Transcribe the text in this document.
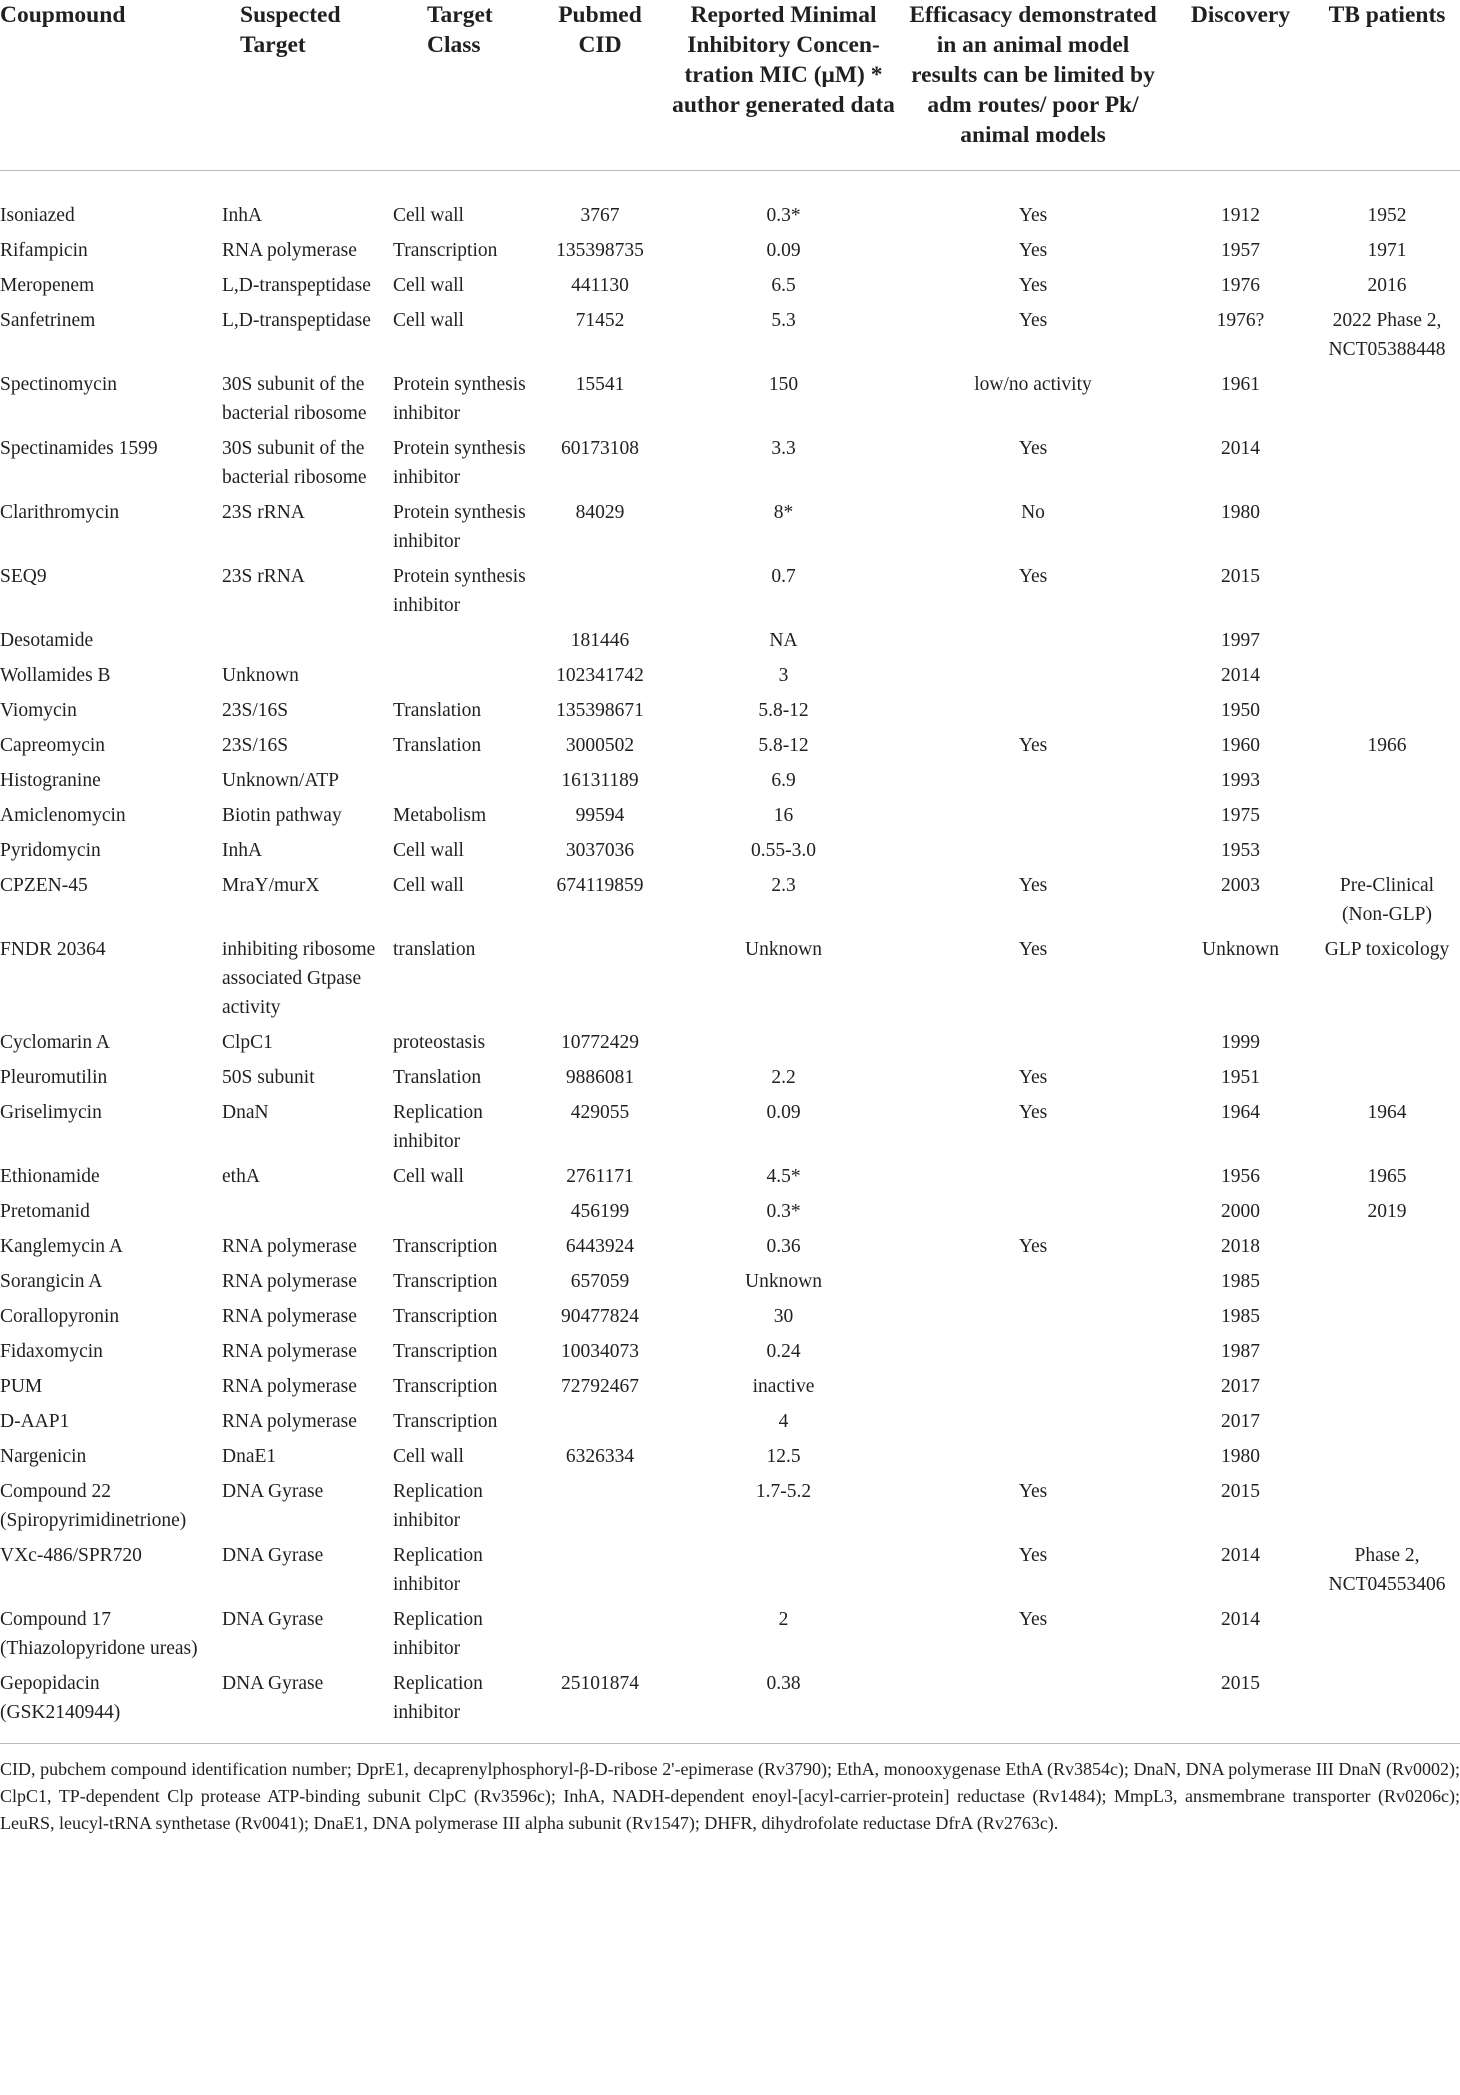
Coupmound	Suspected Target	Target Class	Pubmed CID	Reported Minimal Inhibitory Concen-tration MIC (μM) * author generated data	Efficasacy demonstrated in an animal model results can be limited by adm routes/ poor Pk/ animal models	Discovery	TB patients
Isoniazed	InhA	Cell wall	3767	0.3*	Yes	1912	1952
Rifampicin	RNA polymerase	Transcription	135398735	0.09	Yes	1957	1971
Meropenem	L,D-transpeptidase	Cell wall	441130	6.5	Yes	1976	2016
Sanfetrinem	L,D-transpeptidase	Cell wall	71452	5.3	Yes	1976?	2022 Phase 2, NCT05388448
Spectinomycin	30S subunit of the bacterial ribosome	Protein synthesis inhibitor	15541	150	low/no activity	1961	
Spectinamides 1599	30S subunit of the bacterial ribosome	Protein synthesis inhibitor	60173108	3.3	Yes	2014	
Clarithromycin	23S rRNA	Protein synthesis inhibitor	84029	8*	No	1980	
SEQ9	23S rRNA	Protein synthesis inhibitor		0.7	Yes	2015	
Desotamide			181446	NA		1997	
Wollamides B	Unknown		102341742	3		2014	
Viomycin	23S/16S	Translation	135398671	5.8-12		1950	
Capreomycin	23S/16S	Translation	3000502	5.8-12	Yes	1960	1966
Histogranine	Unknown/ATP		16131189	6.9		1993	
Amiclenomycin	Biotin pathway	Metabolism	99594	16		1975	
Pyridomycin	InhA	Cell wall	3037036	0.55-3.0		1953	
CPZEN-45	MraY/murX	Cell wall	674119859	2.3	Yes	2003	Pre-Clinical (Non-GLP)
FNDR 20364	inhibiting ribosome associated Gtpase activity	translation		Unknown	Yes	Unknown	GLP toxicology
Cyclomarin A	ClpC1	proteostasis	10772429			1999	
Pleuromutilin	50S subunit	Translation	9886081	2.2	Yes	1951	
Griselimycin	DnaN	Replication inhibitor	429055	0.09	Yes	1964	1964
Ethionamide	ethA	Cell wall	2761171	4.5*		1956	1965
Pretomanid			456199	0.3*		2000	2019
Kanglemycin A	RNA polymerase	Transcription	6443924	0.36	Yes	2018	
Sorangicin A	RNA polymerase	Transcription	657059	Unknown		1985	
Corallopyronin	RNA polymerase	Transcription	90477824	30		1985	
Fidaxomycin	RNA polymerase	Transcription	10034073	0.24		1987	
PUM	RNA polymerase	Transcription	72792467	inactive		2017	
D-AAP1	RNA polymerase	Transcription		4		2017	
Nargenicin	DnaE1	Cell wall	6326334	12.5		1980	
Compound 22 (Spiropyrimidinetrione)	DNA Gyrase	Replication inhibitor		1.7-5.2	Yes	2015	
VXc-486/SPR720	DNA Gyrase	Replication inhibitor			Yes	2014	Phase 2, NCT04553406
Compound 17 (Thiazolopyridone ureas)	DNA Gyrase	Replication inhibitor		2	Yes	2014	
Gepopidacin (GSK2140944)	DNA Gyrase	Replication inhibitor	25101874	0.38		2015	
CID, pubchem compound identification number; DprE1, decaprenylphosphoryl-β-D-ribose 2'-epimerase (Rv3790); EthA, monooxygenase EthA (Rv3854c); DnaN, DNA polymerase III DnaN (Rv0002); ClpC1, TP-dependent Clp protease ATP-binding subunit ClpC (Rv3596c); InhA, NADH-dependent enoyl-[acyl-carrier-protein] reductase (Rv1484); MmpL3, ansmembrane transporter (Rv0206c); LeuRS, leucyl-tRNA synthetase (Rv0041); DnaE1, DNA polymerase III alpha subunit (Rv1547); DHFR, dihydrofolate reductase DfrA (Rv2763c).
